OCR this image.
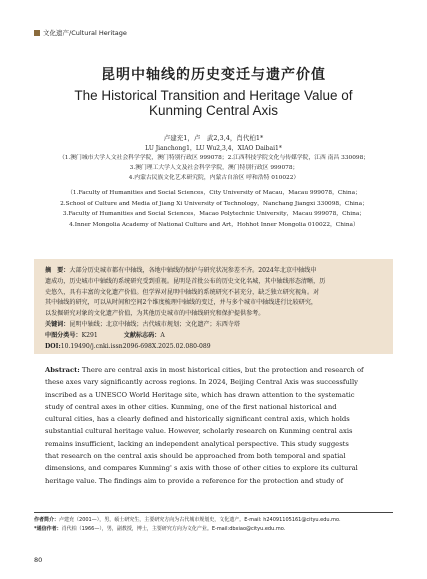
文化遗产/Cultural Heritage
昆明中轴线的历史变迁与遗产价值
The Historical Transition and Heritage Value of
Kunming Central Axis
卢建充1，卢　武2,3,4，肖代柏1*
LU Jianchong1，LU Wu2,3,4，XIAO Daibai1*
（1.澳门城市大学人文社会科学学院，澳门特别行政区 999078；2.江西科技学院文化与传媒学院，江西 南昌 330098；
3.澳门理工大学人文及社会科学学院，澳门特别行政区 999078；
4.内蒙古民族文化艺术研究院，内蒙古自治区 呼和浩特 010022）
（1.Faculty of Humanities and Social Sciences，City University of Macau，Macau 999078，China；
2.School of Culture and Media of Jiang Xi University of Technology，Nanchang Jiangxi 330098，China；
3.Faculty of Humanities and Social Sciences，Macao Polytechnic University，Macau 999078，China；
4.Inner Mongolia Academy of National Culture and Art，Hohhot Inner Mongolia 010022，China）
摘　要：大部分历史城市都有中轴线，各地中轴线的保护与研究状况参差不齐。2024年北京中轴线申
遗成功，历史城市中轴线的系统研究受到重视。昆明是首批公布的历史文化名城，其中轴线形态清晰，历
史悠久，具有丰富的文化遗产价值。但学界对昆明中轴线的系统研究不甚充分，缺乏独立研究视角。对
其中轴线的研究，可以从时间和空间2个维度梳理中轴线的变迁，并与多个城市中轴线进行比较研究，
以发掘研究对象的文化遗产价值，为其他历史城市的中轴线研究和保护提供参考。
关键词：昆明中轴线；北京中轴线；古代城市规划；文化遗产；东西寺塔
中图分类号：K291	文献标志码：A
DOI:10.19490/j.cnki.issn2096-698X.2025.02.080-089
Abstract: There are central axis in most historical cities, but the protection and research of
these axes vary significantly across regions. In 2024, Beijing Central Axis was successfully
inscribed as a UNESCO World Heritage site, which has drawn attention to the systematic
study of central axes in other cities. Kunming, one of the first national historical and
cultural cities, has a clearly defined and historically significant central axis, which holds
substantial cultural heritage value. However, scholarly research on Kunming central axis
remains insufficient, lacking an independent analytical perspective. This study suggests
that research on the central axis should be approached from both temporal and spatial
dimensions, and compares Kunming' s axis with those of other cities to explore its cultural
heritage value. The findings aim to provide a reference for the protection and study of
作者简介：卢建充（2001—），男，硕士研究生，主要研究方向为古代城市规划史，文化遗产。E-mail: h24091105161@cityu.edu.mo.
*通信作者：肖代柏（1966—），男，副教授，博士，主要研究方向为文化产业。E-mail:dbxiao@cityu.edu.mo.
80
